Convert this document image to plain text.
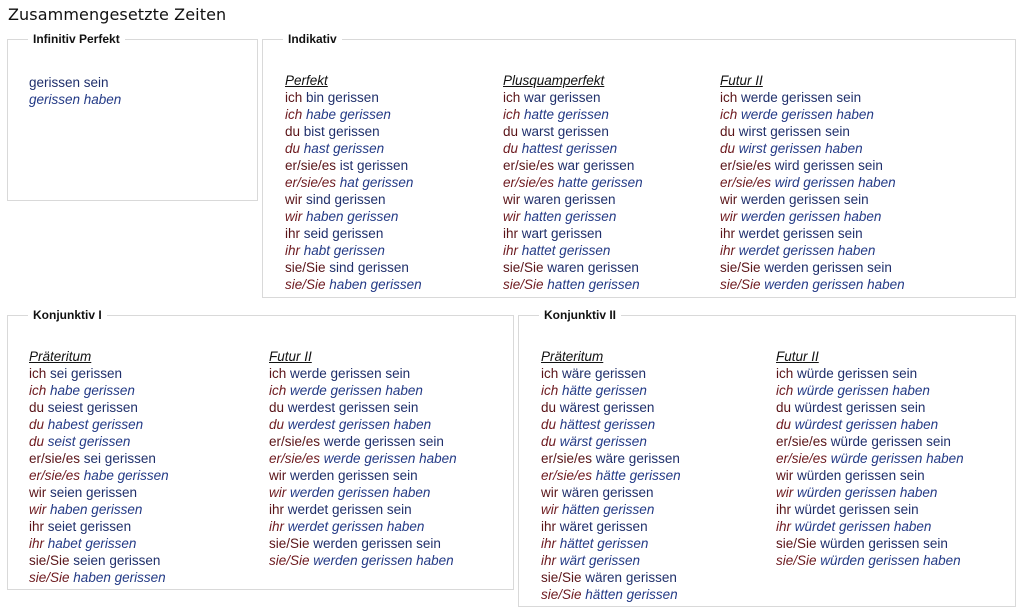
Zusammengesetzte Zeiten
Infinitiv Perfekt
gerissen sein
gerissen haben
Indikativ
Perfekt
ich bin gerissen
ich habe gerissen
du bist gerissen
du hast gerissen
er/sie/es ist gerissen
er/sie/es hat gerissen
wir sind gerissen
wir haben gerissen
ihr seid gerissen
ihr habt gerissen
sie/Sie sind gerissen
sie/Sie haben gerissen
Plusquamperfekt
ich war gerissen
ich hatte gerissen
du warst gerissen
du hattest gerissen
er/sie/es war gerissen
er/sie/es hatte gerissen
wir waren gerissen
wir hatten gerissen
ihr wart gerissen
ihr hattet gerissen
sie/Sie waren gerissen
sie/Sie hatten gerissen
Futur II
ich werde gerissen sein
ich werde gerissen haben
du wirst gerissen sein
du wirst gerissen haben
er/sie/es wird gerissen sein
er/sie/es wird gerissen haben
wir werden gerissen sein
wir werden gerissen haben
ihr werdet gerissen sein
ihr werdet gerissen haben
sie/Sie werden gerissen sein
sie/Sie werden gerissen haben
Konjunktiv I
Präteritum
ich sei gerissen
ich habe gerissen
du seiest gerissen
du habest gerissen
du seist gerissen
er/sie/es sei gerissen
er/sie/es habe gerissen
wir seien gerissen
wir haben gerissen
ihr seiet gerissen
ihr habet gerissen
sie/Sie seien gerissen
sie/Sie haben gerissen
Futur II
ich werde gerissen sein
ich werde gerissen haben
du werdest gerissen sein
du werdest gerissen haben
er/sie/es werde gerissen sein
er/sie/es werde gerissen haben
wir werden gerissen sein
wir werden gerissen haben
ihr werdet gerissen sein
ihr werdet gerissen haben
sie/Sie werden gerissen sein
sie/Sie werden gerissen haben
Konjunktiv II
Präteritum
ich wäre gerissen
ich hätte gerissen
du wärest gerissen
du hättest gerissen
du wärst gerissen
er/sie/es wäre gerissen
er/sie/es hätte gerissen
wir wären gerissen
wir hätten gerissen
ihr wäret gerissen
ihr hättet gerissen
ihr wärt gerissen
sie/Sie wären gerissen
sie/Sie hätten gerissen
Futur II
ich würde gerissen sein
ich würde gerissen haben
du würdest gerissen sein
du würdest gerissen haben
er/sie/es würde gerissen sein
er/sie/es würde gerissen haben
wir würden gerissen sein
wir würden gerissen haben
ihr würdet gerissen sein
ihr würdet gerissen haben
sie/Sie würden gerissen sein
sie/Sie würden gerissen haben
